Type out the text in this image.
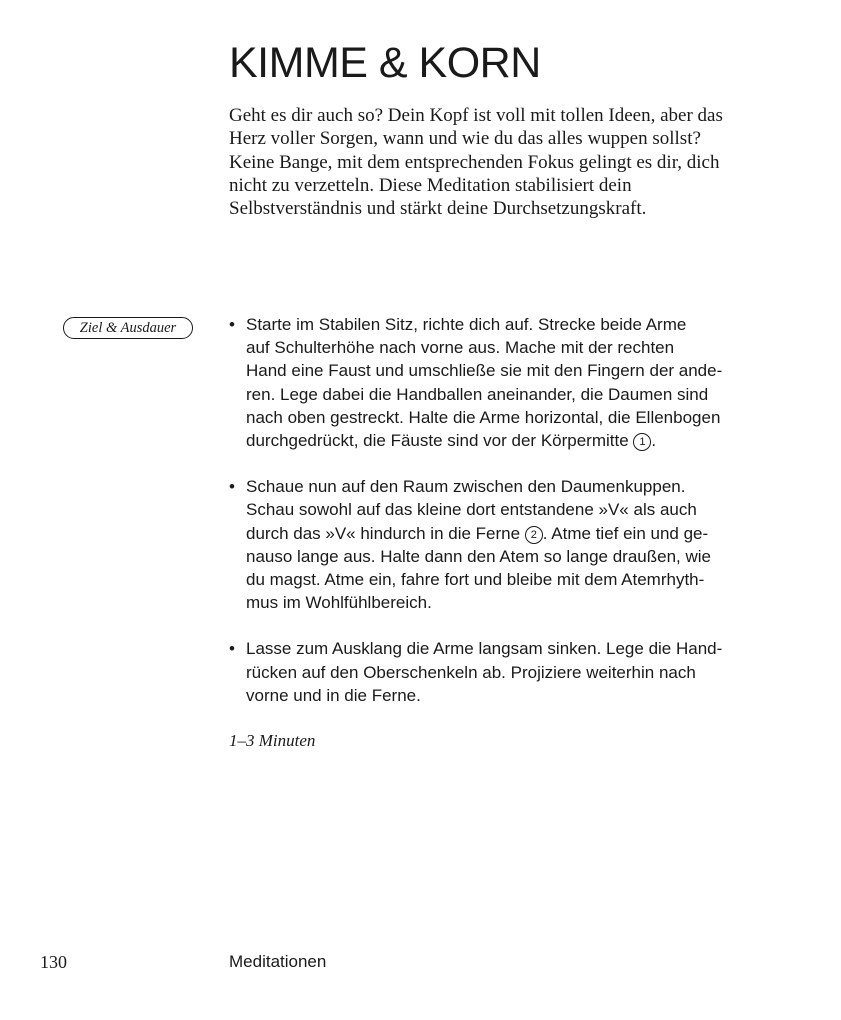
KIMME & KORN

Geht es dir auch so? Dein Kopf ist voll mit tollen Ideen, aber das Herz voller Sorgen, wann und wie du das alles wuppen sollst? Keine Bange, mit dem entsprechenden Fokus gelingt es dir, dich nicht zu verzetteln. Diese Meditation stabilisiert dein Selbstverständnis und stärkt deine Durchsetzungskraft.

Ziel & Ausdauer	• Starte im Stabilen Sitz, richte dich auf. Strecke beide Arme
auf Schulterhöhe nach vorne aus. Mache mit der rechten
Hand eine Faust und umschließe sie mit den Fingern der ande-
ren. Lege dabei die Handballen aneinander, die Daumen sind
nach oben gestreckt. Halte die Arme horizontal, die Ellenbogen
durchgedrückt, die Fäuste sind vor der Körpermitte 1 .
• Schaue nun auf den Raum zwischen den Daumenkuppen.
Schau sowohl auf das kleine dort entstandene »V« als auch
durch das »V« hindurch in die Ferne 2 . Atme tief ein und ge-
nauso lange aus. Halte dann den Atem so lange draußen, wie
du magst. Atme ein, fahre fort und bleibe mit dem Atemrhyth-
mus im Wohlfühlbereich.
• Lasse zum Ausklang die Arme langsam sinken. Lege die Hand-
rücken auf den Oberschenkeln ab. Projiziere weiterhin nach
vorne und in die Ferne.

1–3 Minuten

130	Meditationen
